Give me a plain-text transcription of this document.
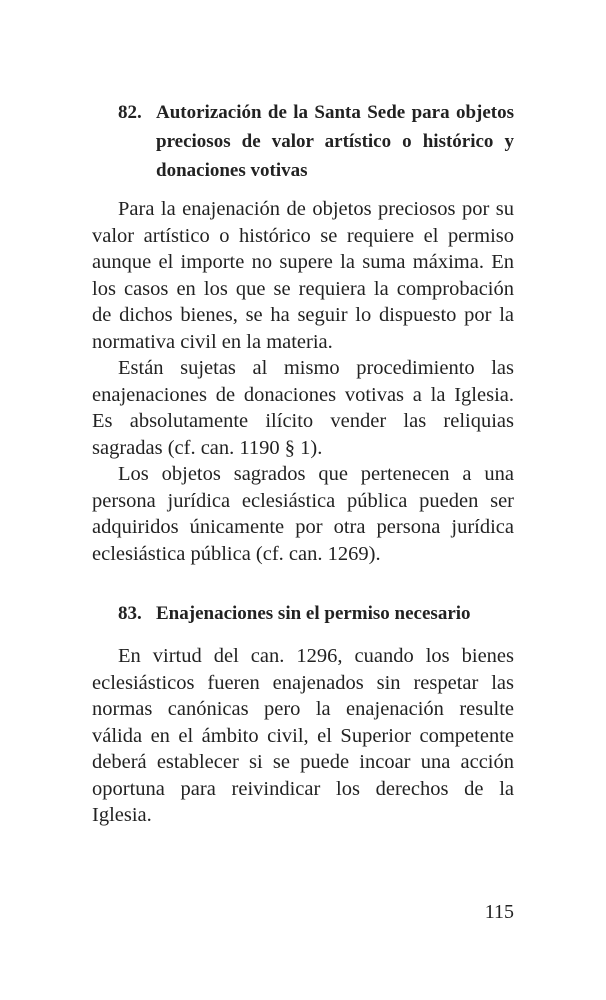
82. Autorización de la Santa Sede para objetos preciosos de valor artístico o histórico y donaciones votivas

Para la enajenación de objetos preciosos por su valor artístico o histórico se requiere el permiso aunque el importe no supere la suma máxima. En los casos en los que se requiera la comprobación de dichos bienes, se ha seguir lo dispuesto por la normativa civil en la materia.

Están sujetas al mismo procedimiento las enajenaciones de donaciones votivas a la Iglesia. Es absolutamente ilícito vender las reliquias sagradas (cf. can. 1190 § 1).

Los objetos sagrados que pertenecen a una persona jurídica eclesiástica pública pueden ser adquiridos únicamente por otra persona jurídica eclesiástica pública (cf. can. 1269).

83. Enajenaciones sin el permiso necesario

En virtud del can. 1296, cuando los bienes eclesiásticos fueren enajenados sin respetar las normas canónicas pero la enajenación resulte válida en el ámbito civil, el Superior competente deberá establecer si se puede incoar una acción oportuna para reivindicar los derechos de la Iglesia.

115
